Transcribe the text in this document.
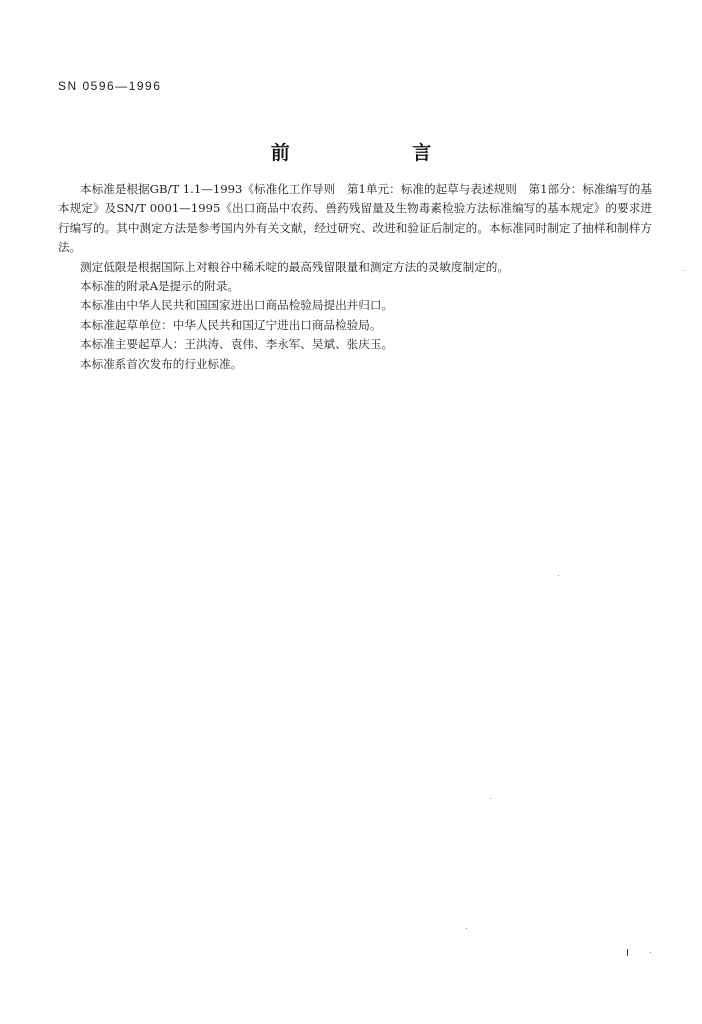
SN 0596—1996
前 言

本标准是根据GB/T 1.1—1993《标准化工作导则　第1单元：标准的起草与表述规则　第1部分：标准编写的基本规定》及SN/T 0001—1995《出口商品中农药、兽药残留量及生物毒素检验方法标准编写的基本规定》的要求进行编写的。其中测定方法是参考国内外有关文献，经过研究、改进和验证后制定的。本标准同时制定了抽样和制样方法。

测定低限是根据国际上对粮谷中稀禾啶的最高残留限量和测定方法的灵敏度制定的。

本标准的附录A是提示的附录。

本标准由中华人民共和国国家进出口商品检验局提出并归口。

本标准起草单位：中华人民共和国辽宁进出口商品检验局。

本标准主要起草人：王洪涛、袁伟、李永军、吴斌、张庆玉。

本标准系首次发布的行业标准。

I
